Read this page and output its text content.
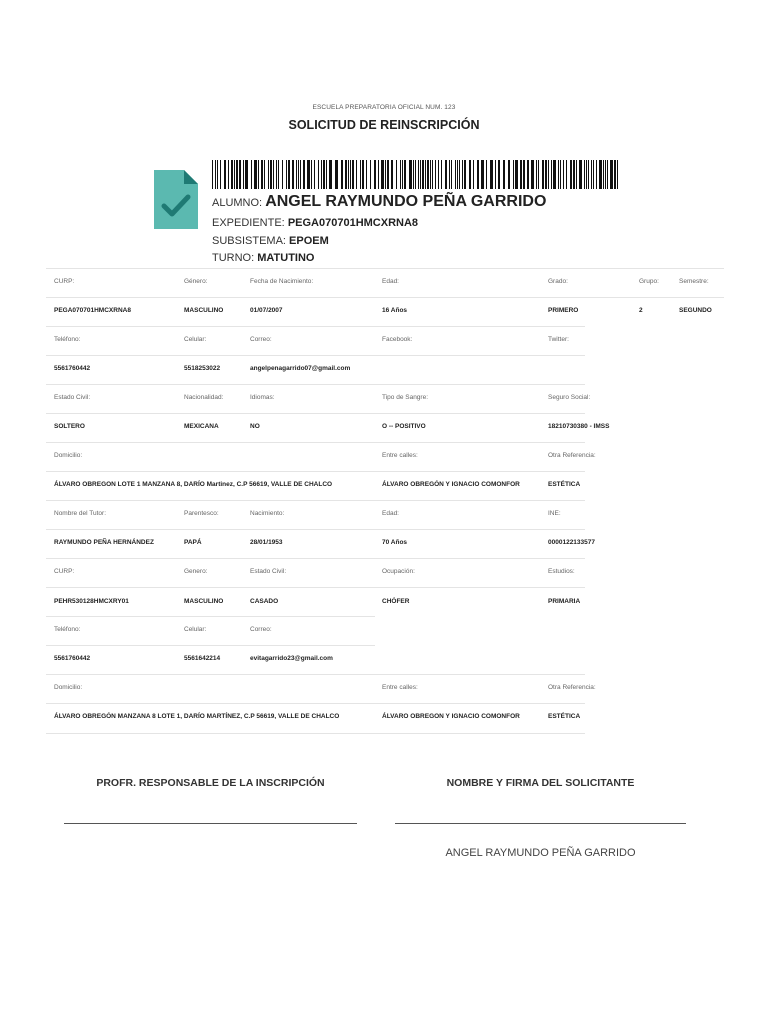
ESCUELA PREPARATORIA OFICIAL NUM. 123
SOLICITUD DE REINSCRIPCIÓN
ALUMNO: ANGEL RAYMUNDO PEÑA GARRIDO
EXPEDIENTE: PEGA070701HMCXRNA8
SUBSISTEMA: EPOEM
TURNO: MATUTINO
CURP:	Género:	Fecha de Nacimiento:	Edad:	Grado:	Grupo:	Semestre:
PEGA070701HMCXRNA8	MASCULINO	01/07/2007	16 Años	PRIMERO	2	SEGUNDO
Teléfono:	Celular:	Correo:	Facebook:	Twitter:
5561760442	5518253022	angelpenagarrido07@gmail.com
Estado Civil:	Nacionalidad:	Idiomas:	Tipo de Sangre:	Seguro Social:
SOLTERO	MEXICANA	NO	O -- POSITIVO	18210730380 - IMSS
Domicilio:	Entre calles:	Otra Referencia:
ÁLVARO OBREGON LOTE 1 MANZANA 8, DARÍO Martinez, C.P 56619, VALLE DE CHALCO	ÁLVARO OBREGÓN Y IGNACIO COMONFOR	ESTÉTICA
Nombre del Tutor:	Parentesco:	Nacimiento:	Edad:	INE:
RAYMUNDO PEÑA HERNÁNDEZ	PAPÁ	28/01/1953	70 Años	0000122133577
CURP:	Genero:	Estado Civil:	Ocupación:	Estudios:
PEHR530128HMCXRY01	MASCULINO	CASADO	CHÓFER	PRIMARIA
Teléfono:	Celular:	Correo:
5561760442	5561642214	evitagarrido23@gmail.com
Domicilio:	Entre calles:	Otra Referencia:
ÁLVARO OBREGÓN MANZANA 8 LOTE 1, DARÍO MARTÍNEZ, C.P 56619, VALLE DE CHALCO	ÁLVARO OBREGON Y IGNACIO COMONFOR	ESTÉTICA
PROFR. RESPONSABLE DE LA INSCRIPCIÓN	NOMBRE Y FIRMA DEL SOLICITANTE
ANGEL RAYMUNDO PEÑA GARRIDO
